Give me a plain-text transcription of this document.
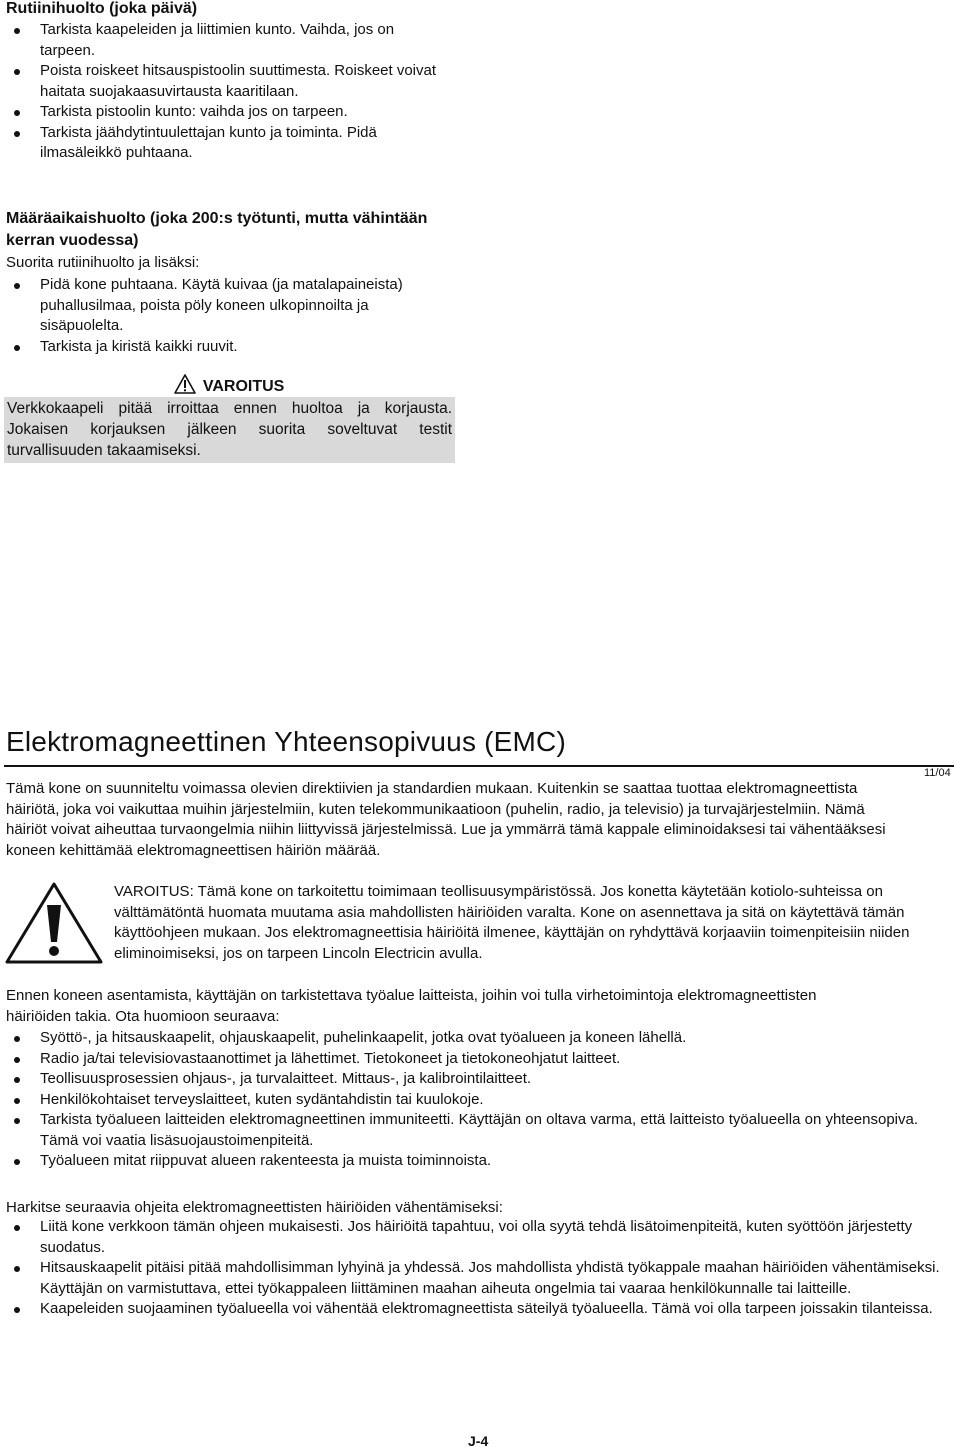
Rutiinihuolto (joka päivä)
Tarkista kaapeleiden ja liittimien kunto. Vaihda, jos on tarpeen.
Poista roiskeet hitsauspistoolin suuttimesta. Roiskeet voivat haitata suojakaasuvirtausta kaaritilaan.
Tarkista pistoolin kunto: vaihda jos on tarpeen.
Tarkista jäähdytintuulettajan kunto ja toiminta. Pidä ilmasäleikkö puhtaana.
Määräaikaishuolto (joka 200:s työtunti, mutta vähintään kerran vuodessa)
Suorita rutiinihuolto ja lisäksi:
Pidä kone puhtaana. Käytä kuivaa (ja matalapaineista) puhallusilmaa, poista pöly koneen ulkopinnoilta ja sisäpuolelta.
Tarkista ja kiristä kaikki ruuvit.
VAROITUS
Verkkokaapeli pitää irroittaa ennen huoltoa ja korjausta. Jokaisen korjauksen jälkeen suorita soveltuvat testit turvallisuuden takaamiseksi.
Elektromagneettinen Yhteensopivuus (EMC)
11/04
Tämä kone on suunniteltu voimassa olevien direktiivien ja standardien mukaan. Kuitenkin se saattaa tuottaa elektromagneettista häiriötä, joka voi vaikuttaa muihin järjestelmiin, kuten telekommunikaatioon (puhelin, radio, ja televisio) ja turvajärjestelmiin. Nämä häiriöt voivat aiheuttaa turvaongelmia niihin liittyvissä järjestelmissä. Lue ja ymmärrä tämä kappale eliminoidaksesi tai vähentääksesi koneen kehittämää elektromagneettisen häiriön määrää.
VAROITUS: Tämä kone on tarkoitettu toimimaan teollisuusympäristössä. Jos konetta käytetään kotiolo-suhteissa on välttämätöntä huomata muutama asia mahdollisten häiriöiden varalta. Kone on asennettava ja sitä on käytettävä tämän käyttöohjeen mukaan. Jos elektromagneettisia häiriöitä ilmenee, käyttäjän on ryhdyttävä korjaaviin toimenpiteisiin niiden eliminoimiseksi, jos on tarpeen Lincoln Electricin avulla.
Ennen koneen asentamista, käyttäjän on tarkistettava työalue laitteista, joihin voi tulla virhetoimintoja elektromagneettisten häiriöiden takia. Ota huomioon seuraava:
Syöttö-, ja hitsauskaapelit, ohjauskaapelit, puhelinkaapelit, jotka ovat työalueen ja koneen lähellä.
Radio ja/tai televisiovastaanottimet ja lähettimet. Tietokoneet ja tietokoneohjatut laitteet.
Teollisuusprosessien ohjaus-, ja turvalaitteet. Mittaus-, ja kalibrointilaitteet.
Henkilökohtaiset terveyslaitteet, kuten sydäntahdistin tai kuulokoje.
Tarkista työalueen laitteiden elektromagneettinen immuniteetti. Käyttäjän on oltava varma, että laitteisto työalueella on yhteensopiva. Tämä voi vaatia lisäsuojaustoimenpiteitä.
Työalueen mitat riippuvat alueen rakenteesta ja muista toiminnoista.
Harkitse seuraavia ohjeita elektromagneettisten häiriöiden vähentämiseksi:
Liitä kone verkkoon tämän ohjeen mukaisesti. Jos häiriöitä tapahtuu, voi olla syytä tehdä lisätoimenpiteitä, kuten syöttöön järjestetty suodatus.
Hitsauskaapelit pitäisi pitää mahdollisimman lyhyinä ja yhdessä. Jos mahdollista yhdistä työkappale maahan häiriöiden vähentämiseksi. Käyttäjän on varmistuttava, ettei työkappaleen liittäminen maahan aiheuta ongelmia tai vaaraa henkilökunnalle tai laitteille.
Kaapeleiden suojaaminen työalueella voi vähentää elektromagneettista säteilyä työalueella. Tämä voi olla tarpeen joissakin tilanteissa.
J-4
